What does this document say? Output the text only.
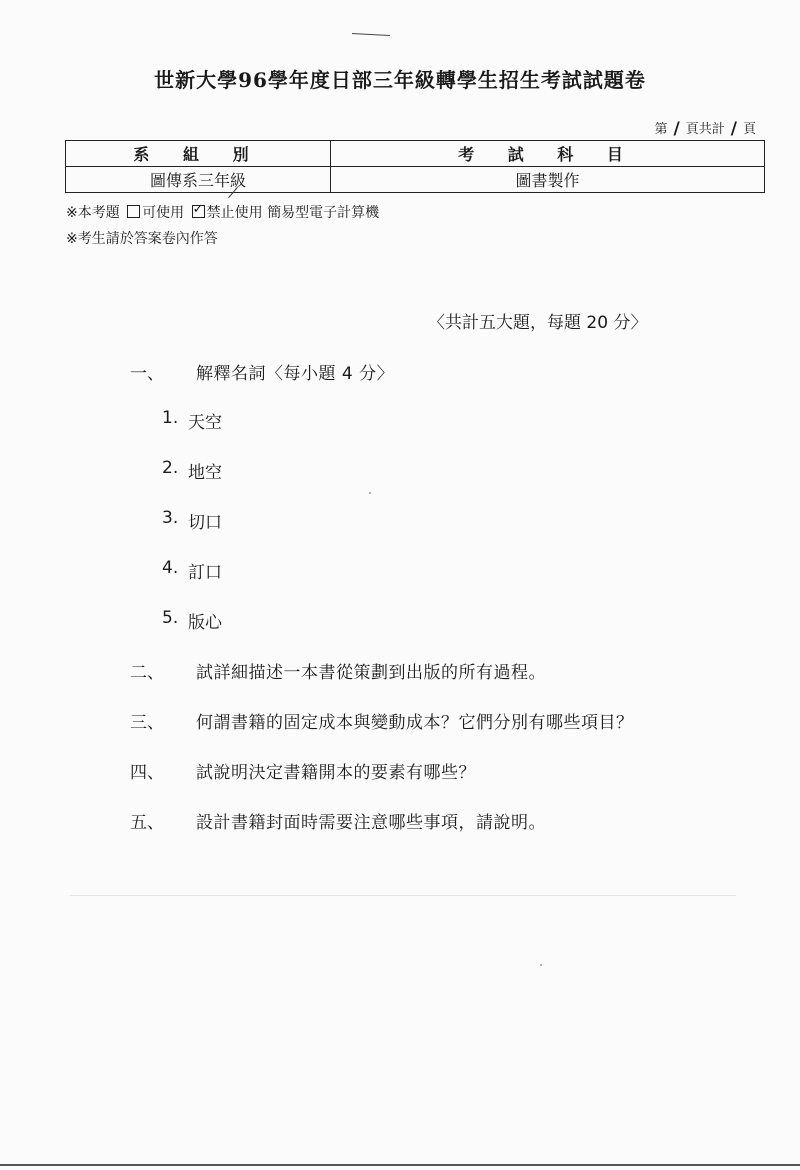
世新大學96學年度日部三年級轉學生招生考試試題卷
第 / 頁共計 / 頁
系 組 別	考 試 科 目
圖傳系三年級	圖書製作
※本考題 可使用 ✓ 禁止使用 簡易型電子計算機
※考生請於答案卷內作答
〈共計五大題，每題 20 分〉
一、 解釋名詞〈每小題 4 分〉
1. 天空
2. 地空
3. 切口
4. 訂口
5. 版心
二、 試詳細描述一本書從策劃到出版的所有過程。
三、 何謂書籍的固定成本與變動成本？它們分別有哪些項目？
四、 試說明決定書籍開本的要素有哪些？
五、 設計書籍封面時需要注意哪些事項，請說明。
